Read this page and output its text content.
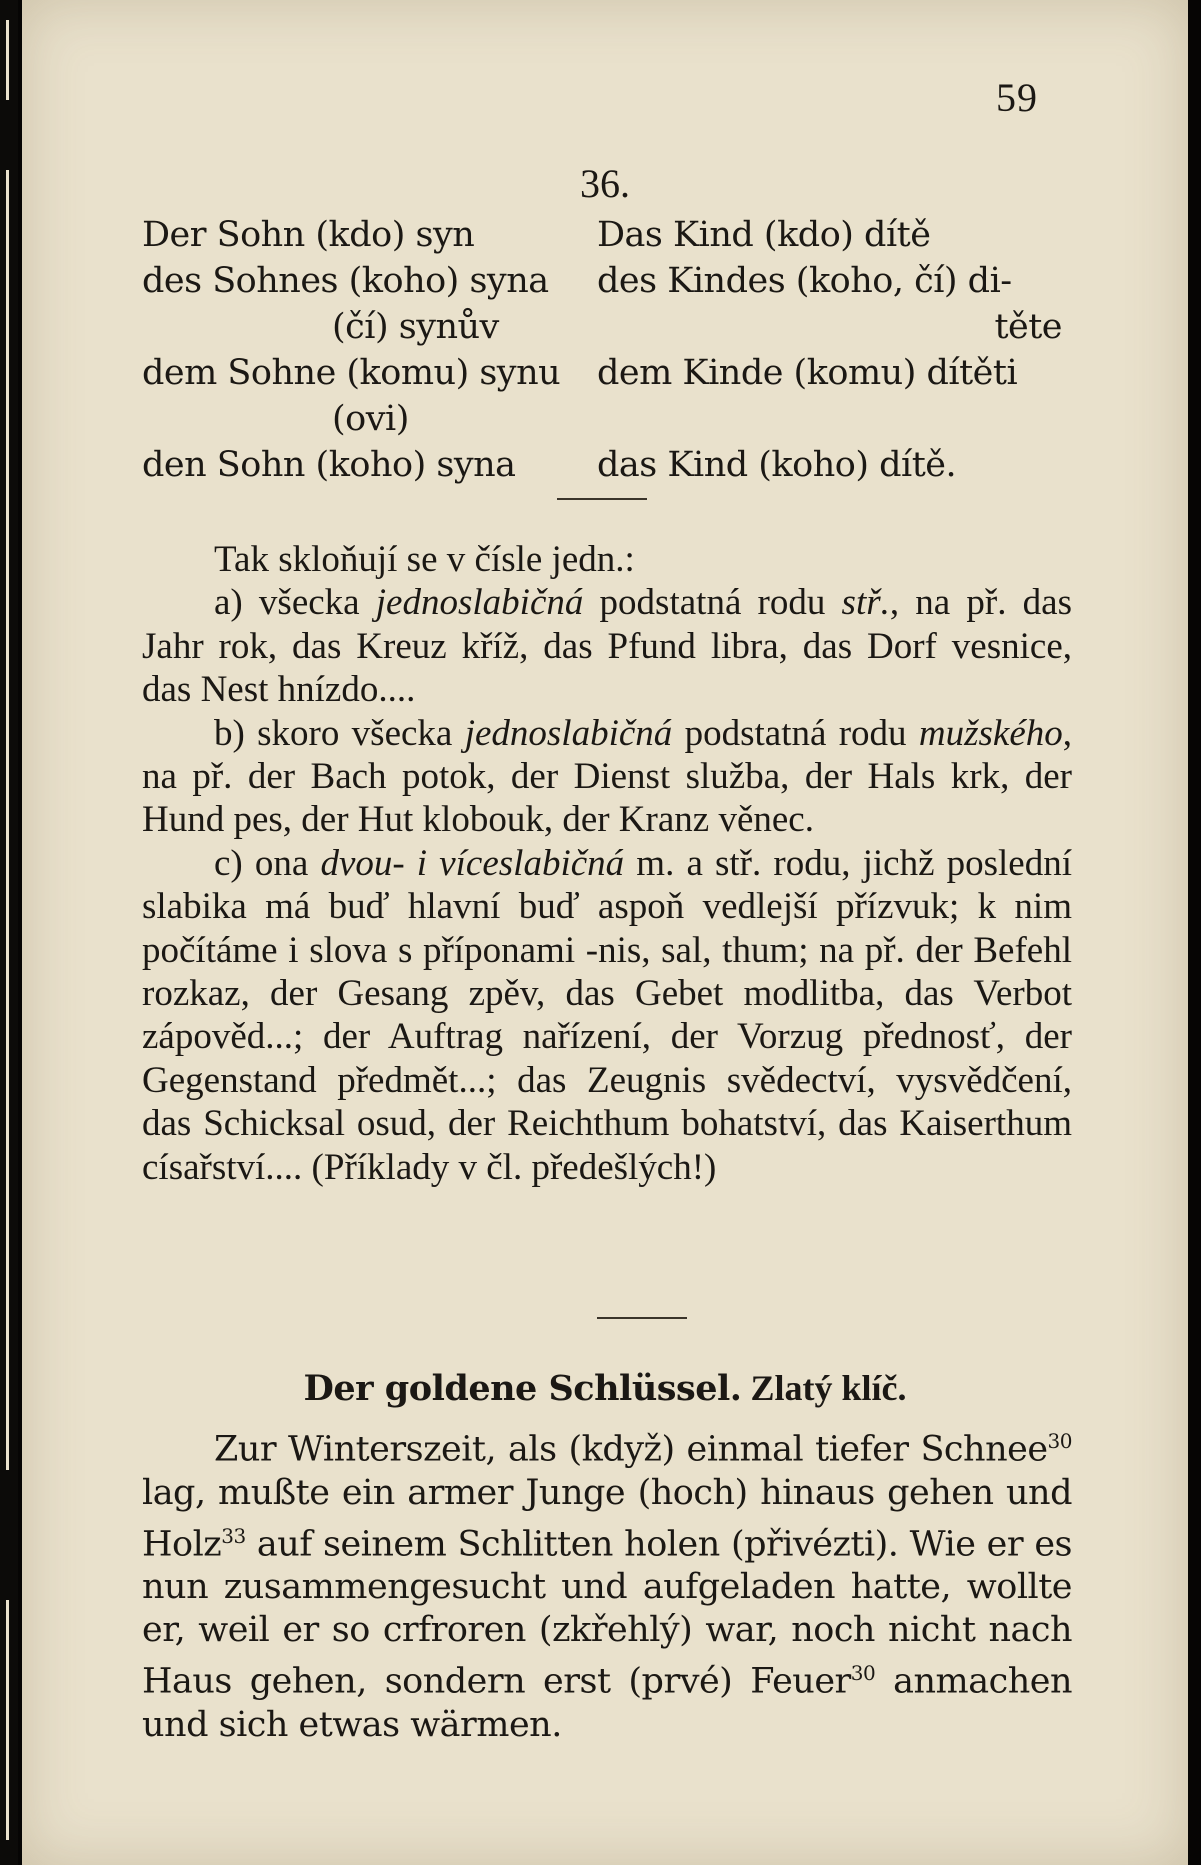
59
36.
Der Sohn (kdo) syn	Das Kind (kdo) dítě
des Sohnes (koho) syna	des Kindes (koho, čí) di-
(čí) synův	těte
dem Sohne (komu) synu	dem Kinde (komu) dítěti
(ovi)
den Sohn (koho) syna	das Kind (koho) dítě.

Tak skloňují se v čísle jedn.:

a) všecka jednoslabičná podstatná rodu stř., na př. das Jahr rok, das Kreuz kříž, das Pfund libra, das Dorf vesnice, das Nest hnízdo....

b) skoro všecka jednoslabičná podstatná rodu mužského, na př. der Bach potok, der Dienst služba, der Hals krk, der Hund pes, der Hut klobouk, der Kranz věnec.

c) ona dvou- i víceslabičná m. a stř. rodu, jichž poslední slabika má buď hlavní buď aspoň vedlejší přízvuk; k nim počítáme i slova s příponami -nis, sal, thum; na př. der Befehl rozkaz, der Gesang zpěv, das Gebet modlitba, das Verbot zápověd...; der Auftrag nařízení, der Vorzug přednosť, der Gegenstand předmět...; das Zeugnis svědectví, vysvědčení, das Schicksal osud, der Reichthum bohatství, das Kaiserthum císařství.... (Příklady v čl. předešlých!)

Der goldene Schlüssel. Zlatý klíč.

Zur Winterszeit, als (když) einmal tiefer Schnee$^{30}$ lag, mußte ein armer Junge (hoch) hinaus gehen und Holz$^{33}$ auf seinem Schlitten holen (přivézti). Wie er es nun zusammengesucht und aufgeladen hatte, wollte er, weil er so crfroren (zkřehlý) war, noch nicht nach Haus gehen, sondern erst (prvé) Feuer$^{30}$ anmachen und sich etwas wärmen.
